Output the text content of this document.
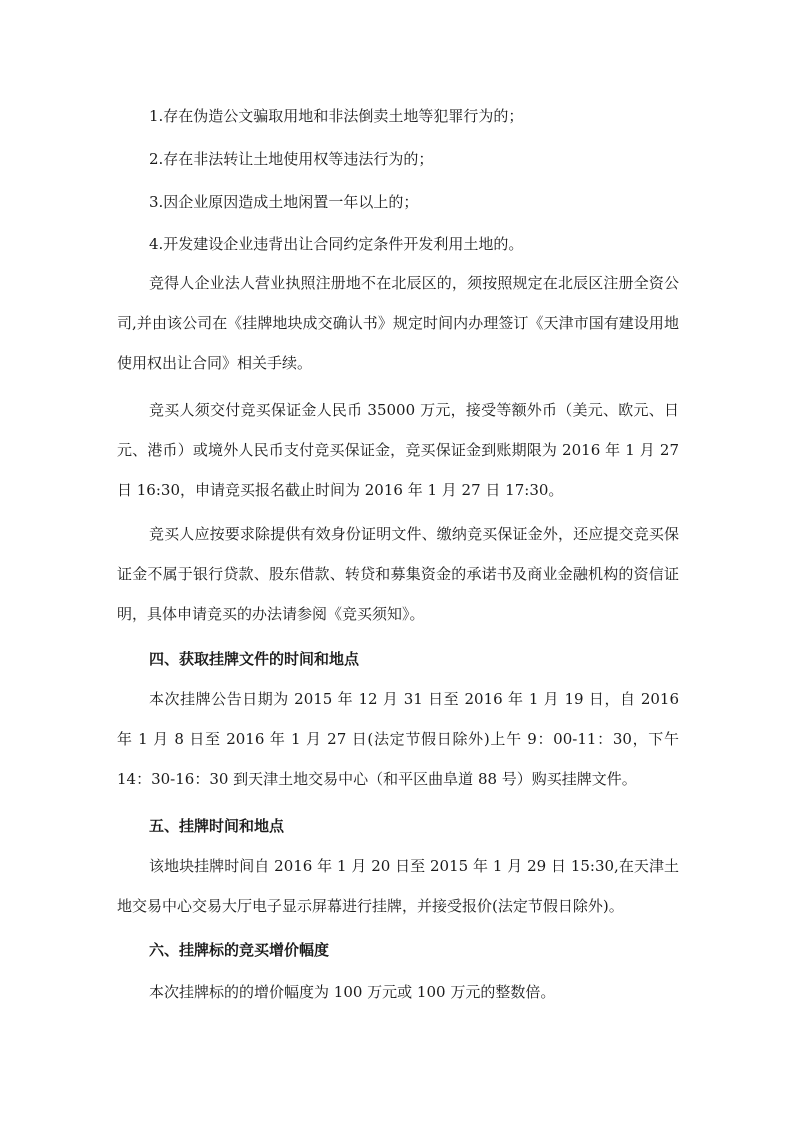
1.存在伪造公文骗取用地和非法倒卖土地等犯罪行为的；

2.存在非法转让土地使用权等违法行为的；

3.因企业原因造成土地闲置一年以上的；

4.开发建设企业违背出让合同约定条件开发利用土地的。

竞得人企业法人营业执照注册地不在北辰区的，须按照规定在北辰区注册全资公司,并由该公司在《挂牌地块成交确认书》规定时间内办理签订《天津市国有建设用地使用权出让合同》相关手续。

竞买人须交付竞买保证金人民币 35000 万元，接受等额外币（美元、欧元、日元、港币）或境外人民币支付竞买保证金，竞买保证金到账期限为 2016 年 1 月 27 日 16:30，申请竞买报名截止时间为 2016 年 1 月 27 日 17:30。

竞买人应按要求除提供有效身份证明文件、缴纳竞买保证金外，还应提交竞买保证金不属于银行贷款、股东借款、转贷和募集资金的承诺书及商业金融机构的资信证明，具体申请竞买的办法请参阅《竞买须知》。

四、获取挂牌文件的时间和地点

本次挂牌公告日期为 2015 年 12 月 31 日至 2016 年 1 月 19 日，自 2016 年 1 月 8 日至 2016 年 1 月 27 日(法定节假日除外)上午 9：00-11：30，下午 14：30-16：30 到天津土地交易中心（和平区曲阜道 88 号）购买挂牌文件。

五、挂牌时间和地点

该地块挂牌时间自 2016 年 1 月 20 日至 2015 年 1 月 29 日 15:30,在天津土地交易中心交易大厅电子显示屏幕进行挂牌，并接受报价(法定节假日除外)。

六、挂牌标的竞买增价幅度

本次挂牌标的的增价幅度为 100 万元或 100 万元的整数倍。
